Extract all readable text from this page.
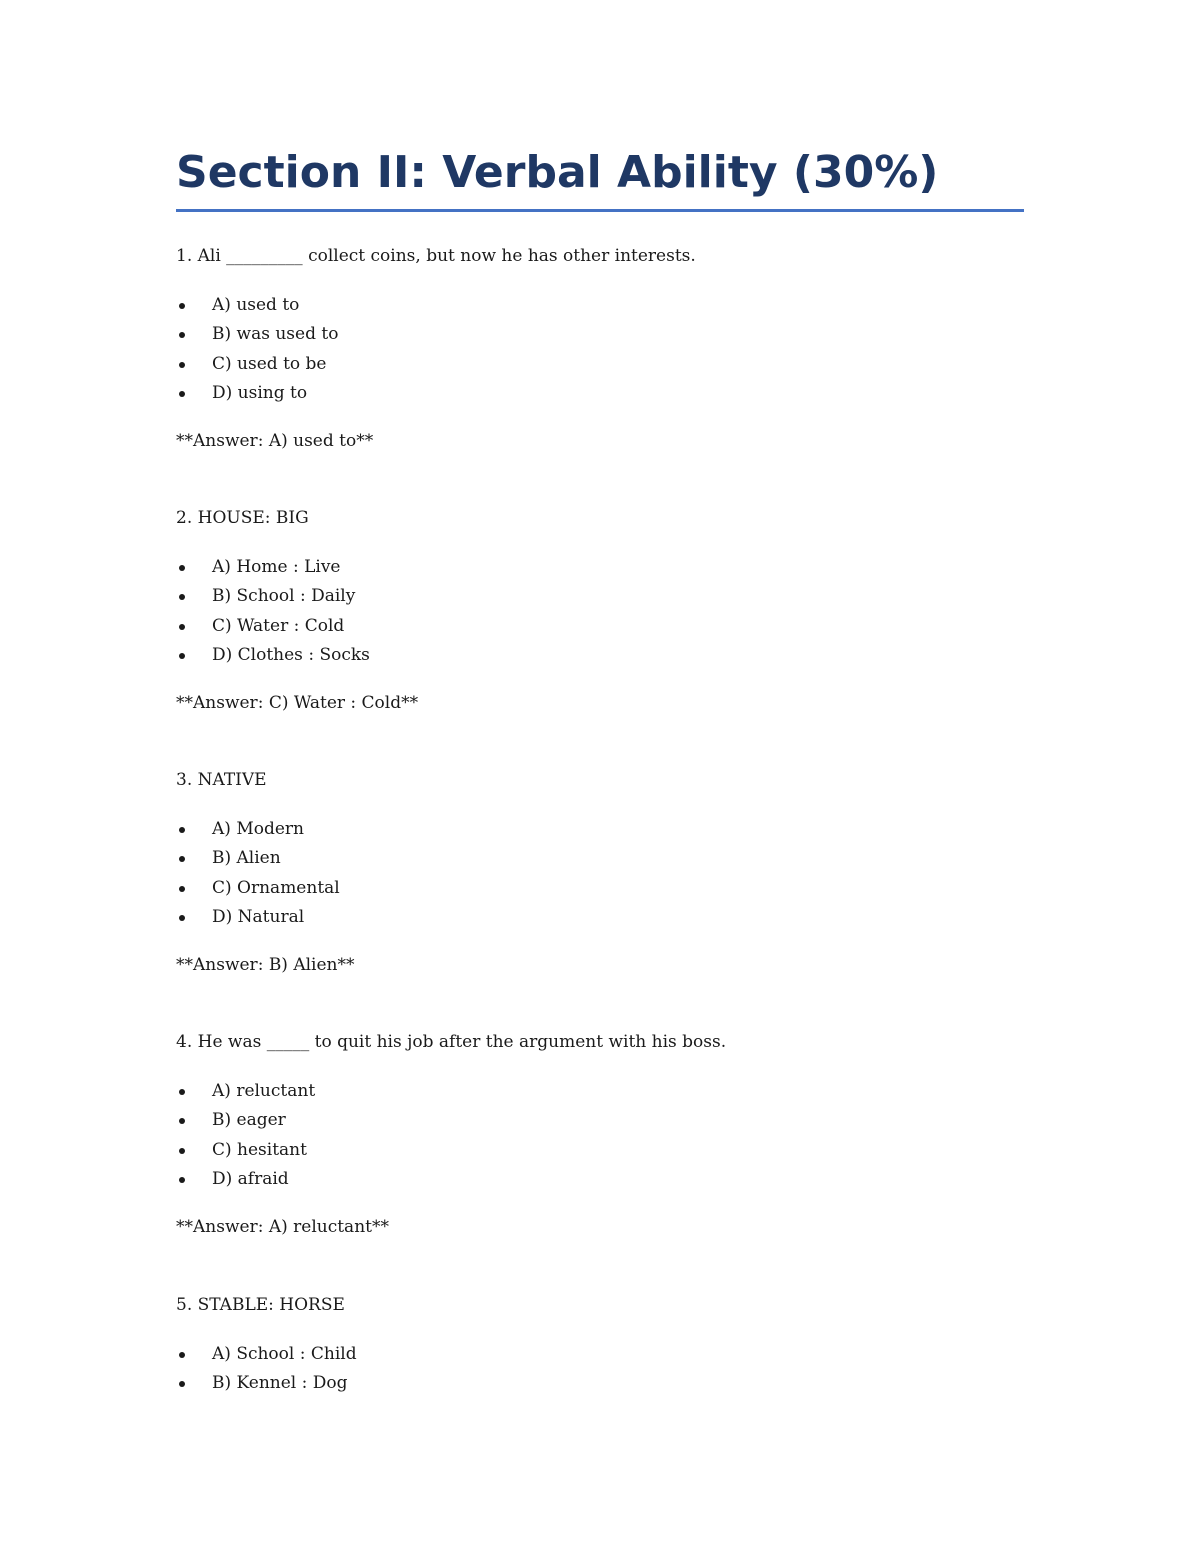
Section II: Verbal Ability (30%)

1. Ali _________ collect coins, but now he has other interests.

A) used to
B) was used to
C) used to be
D) using to

**Answer: A) used to**

2. HOUSE: BIG

A) Home : Live
B) School : Daily
C) Water : Cold
D) Clothes : Socks

**Answer: C) Water : Cold**

3. NATIVE

A) Modern
B) Alien
C) Ornamental
D) Natural

**Answer: B) Alien**

4. He was _____ to quit his job after the argument with his boss.

A) reluctant
B) eager
C) hesitant
D) afraid

**Answer: A) reluctant**

5. STABLE: HORSE

A) School : Child
B) Kennel : Dog
